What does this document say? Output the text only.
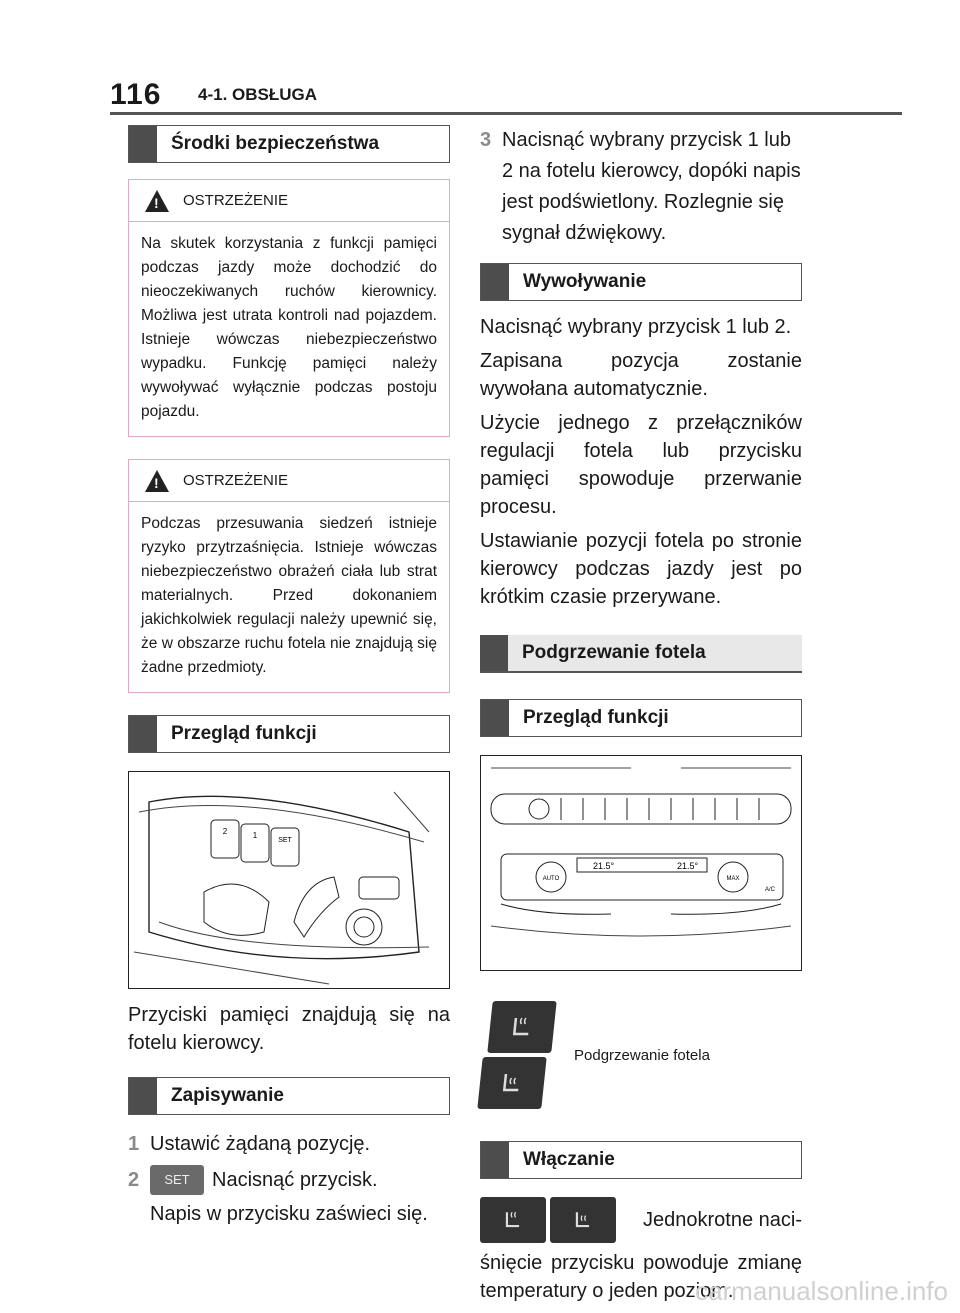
116 4-1. OBSŁUGA
Środki bezpieczeństwa
!
OSTRZEŻENIE
Na skutek korzystania z funkcji pamięci podczas jazdy może dochodzić do nieoczekiwanych ruchów kierownicy. Możliwa jest utrata kontroli nad pojazdem. Istnieje wówczas niebezpieczeństwo wypadku. Funkcję pamięci należy wywoływać wyłącznie podczas postoju pojazdu.
!
OSTRZEŻENIE
Podczas przesuwania siedzeń istnieje ryzyko przytrzaśnięcia. Istnieje wówczas niebezpieczeństwo obrażeń ciała lub strat materialnych. Przed dokonaniem jakichkolwiek regulacji należy upewnić się, że w obszarze ruchu fotela nie znajdują się żadne przedmioty.
Przegląd funkcji
2	1
SET

Przyciski pamięci znajdują się na fotelu kierowcy.

Zapisywanie
1 Ustawić żądaną pozycję.
2	SET	Nacisnąć przycisk.
Napis w przycisku zaświeci się.
3 Nacisnąć wybrany przycisk 1 lub 2 na fotelu kierowcy, dopóki napis jest podświetlony. Rozlegnie się sygnał dźwiękowy.
Wywoływanie

Nacisnąć wybrany przycisk 1 lub 2.

Zapisana pozycja zostanie wywołana automatycznie.

Użycie jednego z przełączników regulacji fotela lub przycisku pamięci spowoduje przerwanie procesu.

Ustawianie pozycji fotela po stronie kierowcy podczas jazdy jest po krótkim czasie przerywane.

Podgrzewanie fotela
Przegląd funkcji
AUTO	MAX
21.5°	21.5°
A/C
Podgrzewanie fotela
Włączanie
Jednokrotne naci-

śnięcie przycisku powoduje zmianę temperatury o jeden poziom.

carmanualsonline.info
